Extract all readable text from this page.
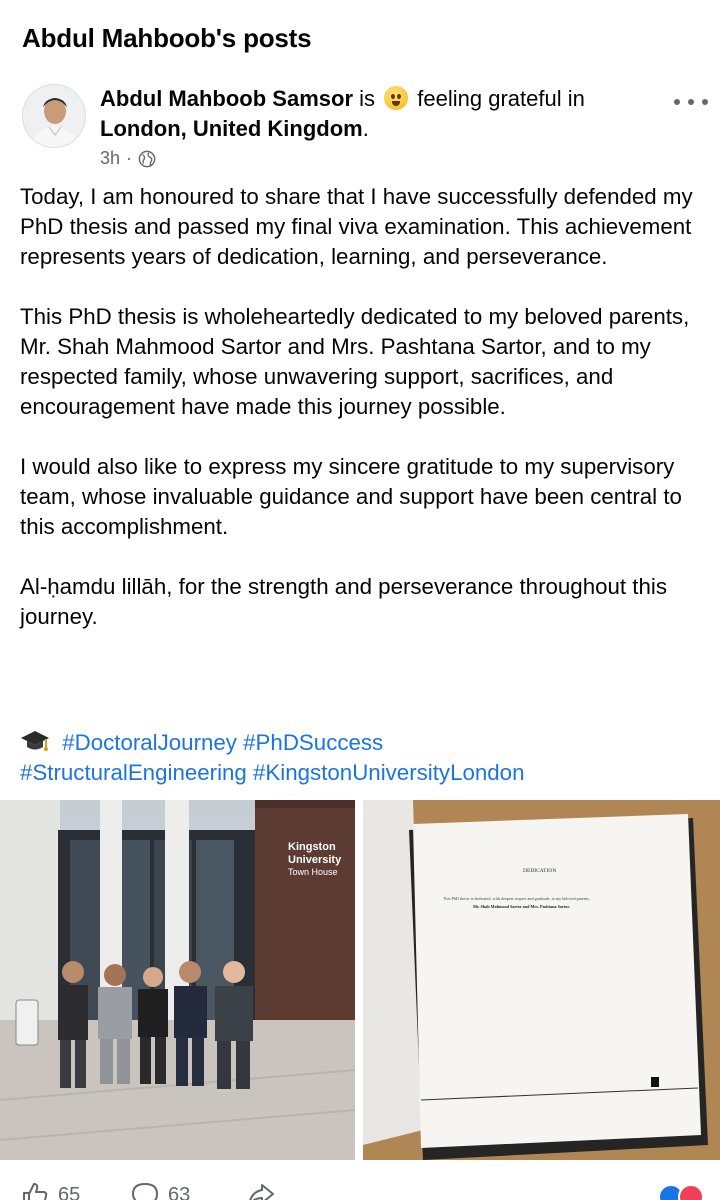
Abdul Mahboob's posts
Abdul Mahboob Samsor is feeling grateful in London, United Kingdom.
3h ·

Today, I am honoured to share that I have successfully defended my PhD thesis and passed my final viva examination. This achievement represents years of dedication, learning, and perseverance.

This PhD thesis is wholeheartedly dedicated to my beloved parents, Mr. Shah Mahmood Sartor and Mrs. Pashtana Sartor, and to my respected family, whose unwavering support, sacrifices, and encouragement have made this journey possible.

I would also like to express my sincere gratitude to my supervisory team, whose invaluable guidance and support have been central to this accomplishment.

Al-ḥamdu lillāh, for the strength and perseverance throughout this journey.

#DoctoralJourney #PhDSuccess
#StructuralEngineering #KingstonUniversityLondon
Kingston
University
Town House	DEDICATION
This PhD thesis is dedicated, with deepest respect and gratitude, to my beloved parents,
Mr. Shah Mahmood Sartor and Mrs. Pashtana Sartor.
65	63
